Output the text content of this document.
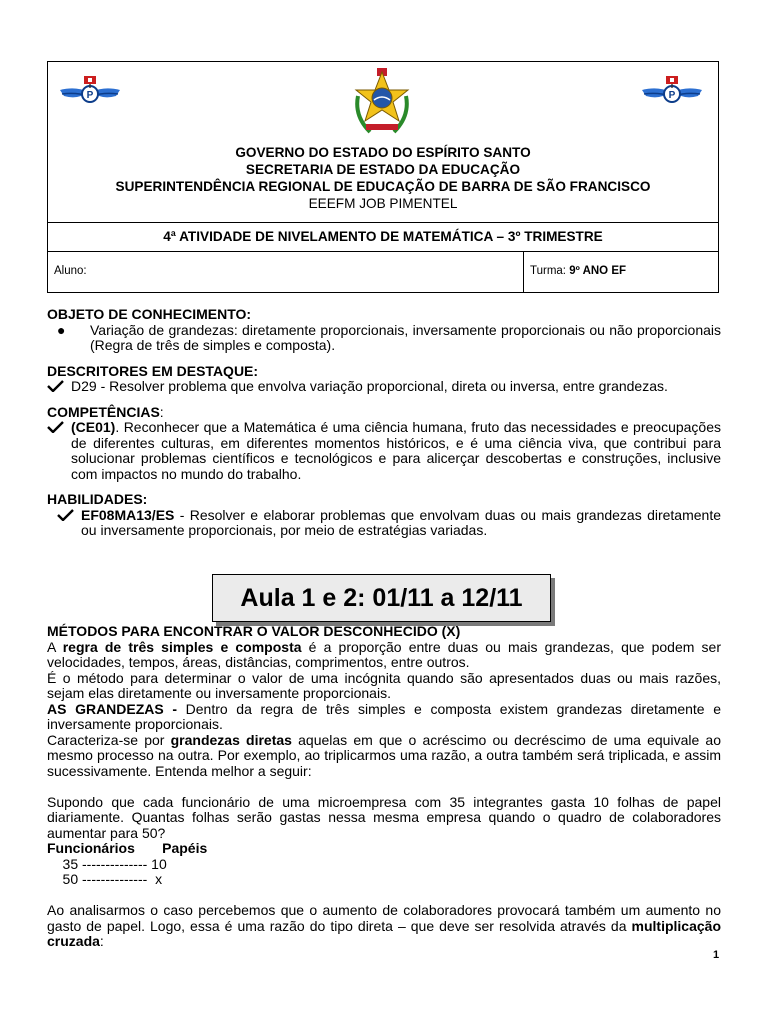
P	P
GOVERNO DO ESTADO DO ESPÍRITO SANTO
SECRETARIA DE ESTADO DA EDUCAÇÃO
SUPERINTENDÊNCIA REGIONAL DE EDUCAÇÃO DE BARRA DE SÃO FRANCISCO
EEEFM JOB PIMENTEL
4ª ATIVIDADE DE NIVELAMENTO DE MATEMÁTICA – 3º TRIMESTRE
Aluno:	Turma: 9º ANO EF

OBJETO DE CONHECIMENTO:

●	Variação de grandezas: diretamente proporcionais, inversamente proporcionais ou não proporcionais (Regra de três de simples e composta).

DESCRITORES EM DESTAQUE:

D29 - Resolver problema que envolva variação proporcional, direta ou inversa, entre grandezas.

COMPETÊNCIAS:

(CE01). Reconhecer que a Matemática é uma ciência humana, fruto das necessidades e preocupações de diferentes culturas, em diferentes momentos históricos, e é uma ciência viva, que contribui para solucionar problemas científicos e tecnológicos e para alicerçar descobertas e construções, inclusive com impactos no mundo do trabalho.

HABILIDADES:

EF08MA13/ES - Resolver e elaborar problemas que envolvam duas ou mais grandezas diretamente ou inversamente proporcionais, por meio de estratégias variadas.
Aula 1 e 2: 01/11 a 12/11

MÉTODOS PARA ENCONTRAR O VALOR DESCONHECIDO (X)

A regra de três simples e composta é a proporção entre duas ou mais grandezas, que podem ser velocidades, tempos, áreas, distâncias, comprimentos, entre outros.

É o método para determinar o valor de uma incógnita quando são apresentados duas ou mais razões, sejam elas diretamente ou inversamente proporcionais.

AS GRANDEZAS - Dentro da regra de três simples e composta existem grandezas diretamente e inversamente proporcionais.

Caracteriza-se por grandezas diretas aquelas em que o acréscimo ou decréscimo de uma equivale ao mesmo processo na outra. Por exemplo, ao triplicarmos uma razão, a outra também será triplicada, e assim sucessivamente. Entenda melhor a seguir:

Supondo que cada funcionário de uma microempresa com 35 integrantes gasta 10 folhas de papel diariamente. Quantas folhas serão gastas nessa mesma empresa quando o quadro de colaboradores aumentar para 50?

Funcionários       Papéis

35 -------------- 10

50 --------------  x

Ao analisarmos o caso percebemos que o aumento de colaboradores provocará também um aumento no gasto de papel. Logo, essa é uma razão do tipo direta – que deve ser resolvida através da multiplicação cruzada:

1
